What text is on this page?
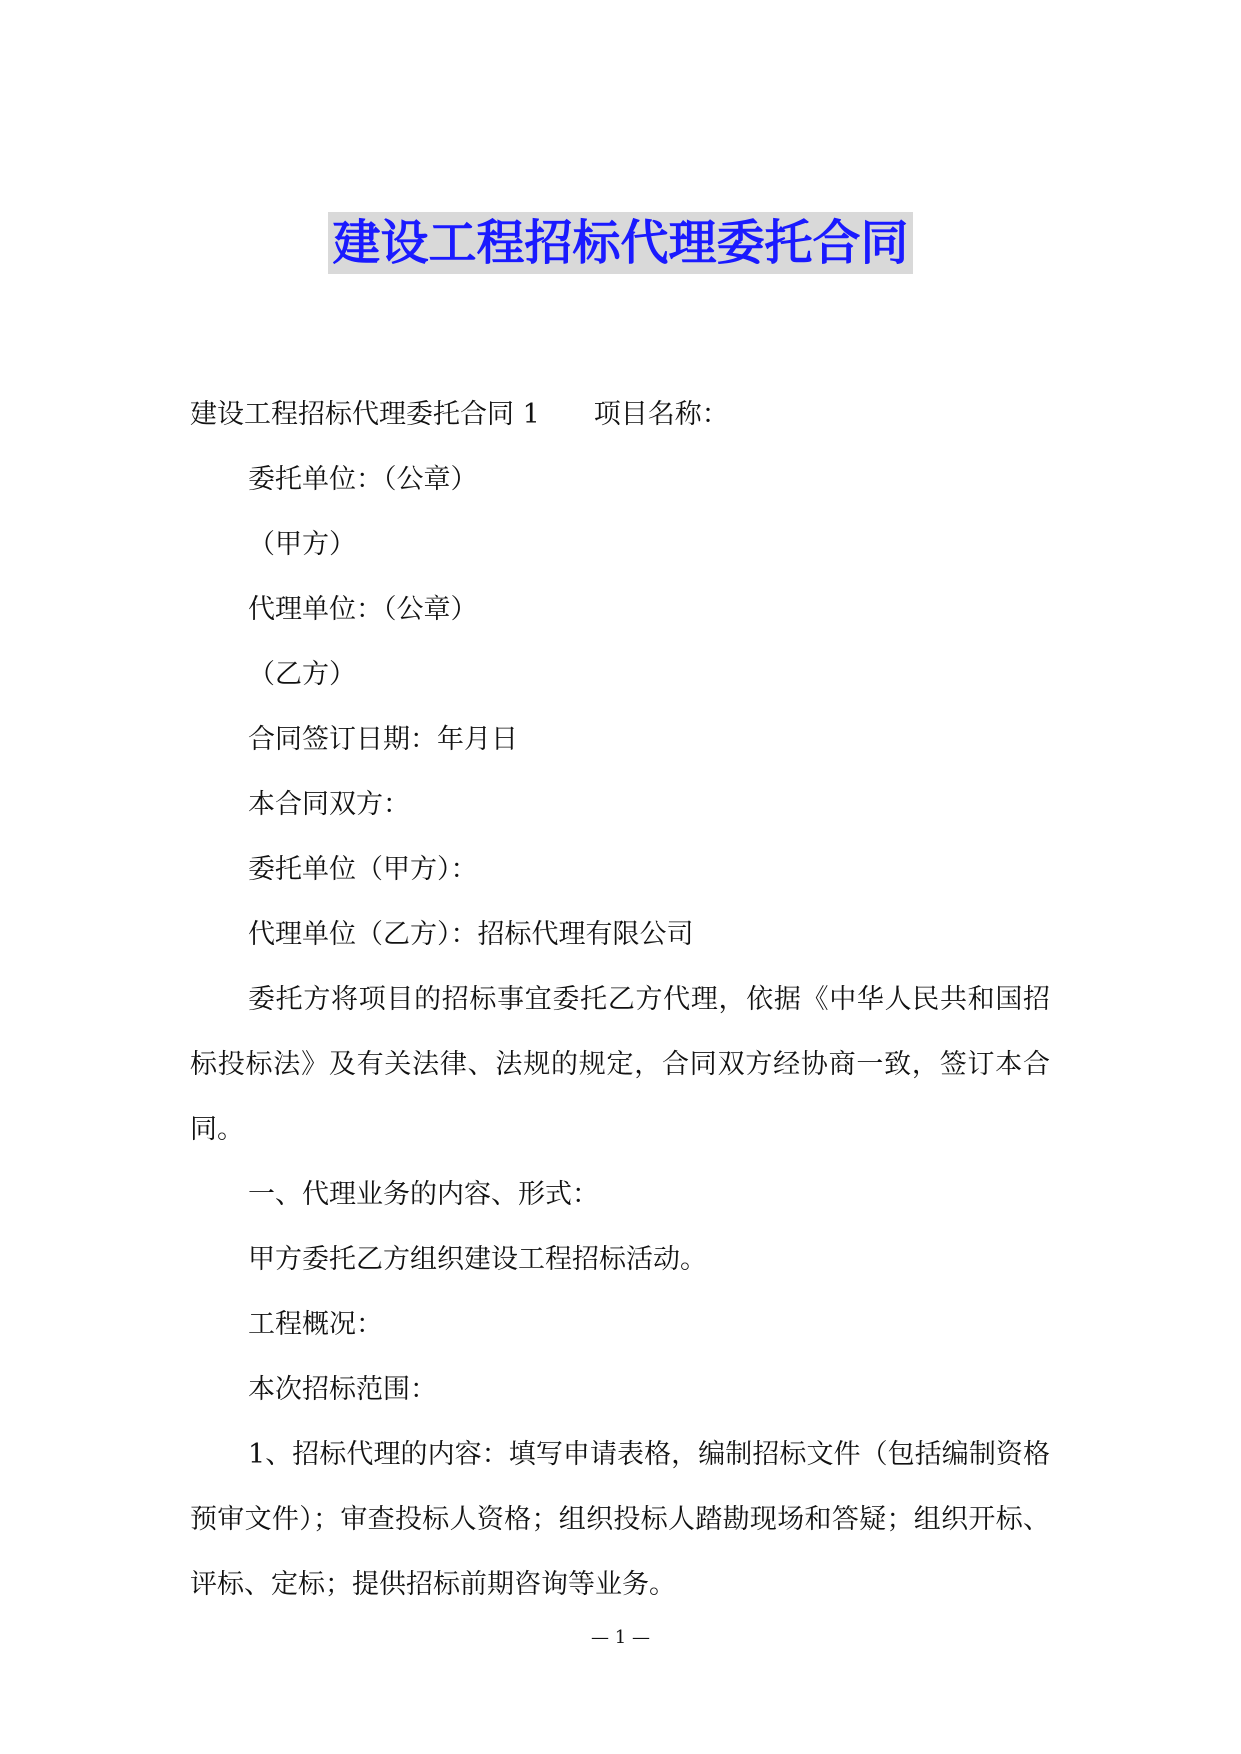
建设工程招标代理委托合同

建设工程招标代理委托合同 1　　项目名称：

委托单位：（公章）

（甲方）

代理单位：（公章）

（乙方）

合同签订日期：年月日

本合同双方：

委托单位（甲方）：

代理单位（乙方）：招标代理有限公司

委托方将项目的招标事宜委托乙方代理，依据《中华人民共和国招标投标法》及有关法律、法规的规定，合同双方经协商一致，签订本合同。

一、代理业务的内容、形式：

甲方委托乙方组织建设工程招标活动。

工程概况：

本次招标范围：

1、招标代理的内容：填写申请表格，编制招标文件（包括编制资格预审文件）；审查投标人资格；组织投标人踏勘现场和答疑；组织开标、评标、定标；提供招标前期咨询等业务。

— 1 —
